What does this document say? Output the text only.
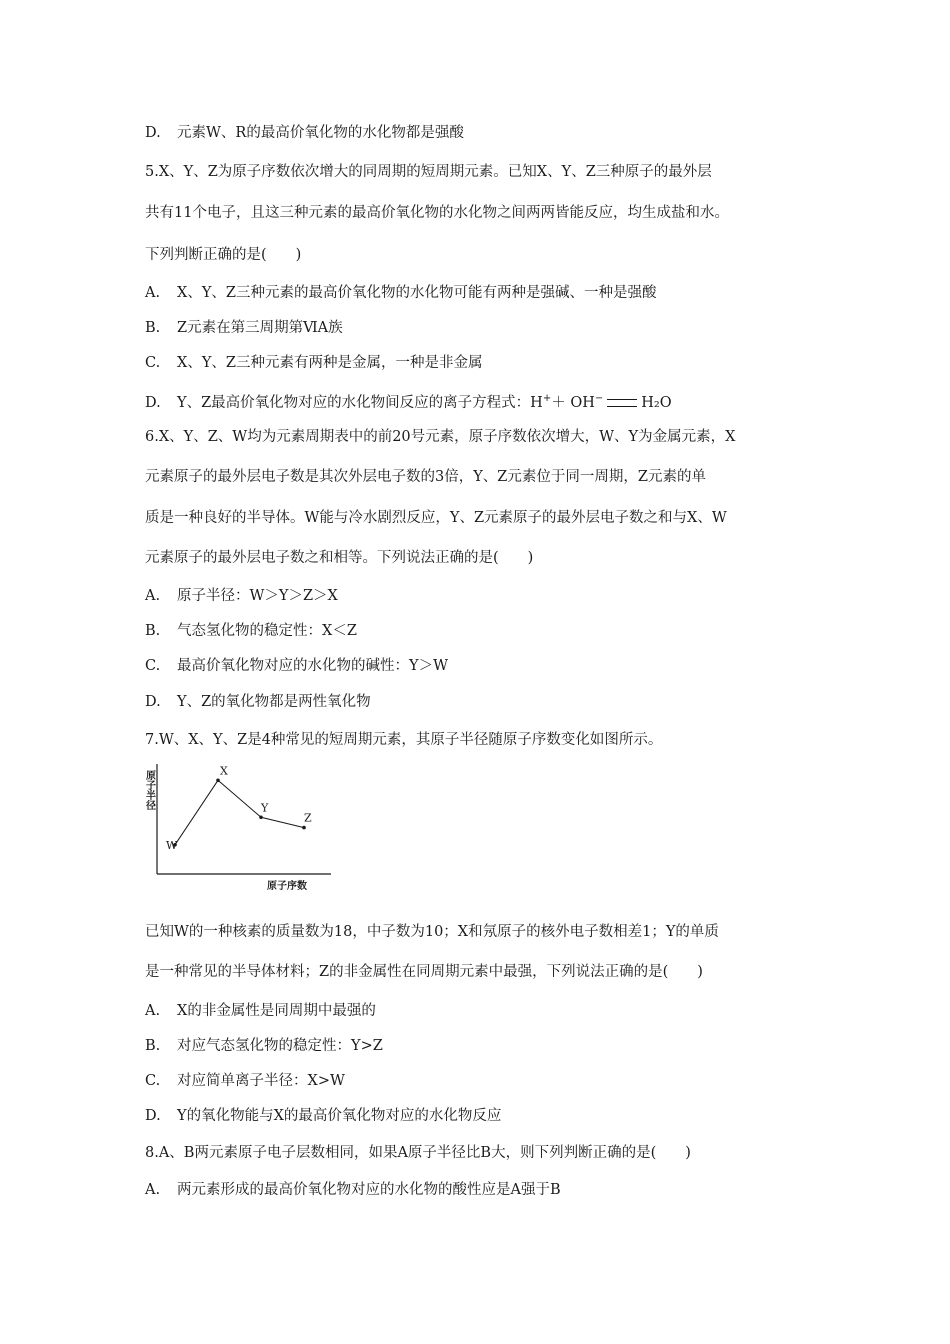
D. 元素W、R的最高价氧化物的水化物都是强酸
5.X、Y、Z为原子序数依次增大的同周期的短周期元素。已知X、Y、Z三种原子的最外层
共有11个电子，且这三种元素的最高价氧化物的水化物之间两两皆能反应，均生成盐和水。
下列判断正确的是(　　)
A. X、Y、Z三种元素的最高价氧化物的水化物可能有两种是强碱、一种是强酸
B. Z元素在第三周期第ⅥA族
C. X、Y、Z三种元素有两种是金属，一种是非金属
D. Y、Z最高价氧化物对应的水化物间反应的离子方程式：H+＋ OH−	H₂O
6.X、Y、Z、W均为元素周期表中的前20号元素，原子序数依次增大，W、Y为金属元素，X
元素原子的最外层电子数是其次外层电子数的3倍，Y、Z元素位于同一周期，Z元素的单
质是一种良好的半导体。W能与冷水剧烈反应，Y、Z元素原子的最外层电子数之和与X、W
元素原子的最外层电子数之和相等。下列说法正确的是(　　)
A. 原子半径：W＞Y＞Z＞X
B. 气态氢化物的稳定性：X＜Z
C. 最高价氧化物对应的水化物的碱性：Y＞W
D. Y、Z的氧化物都是两性氧化物
7.W、X、Y、Z是4种常见的短周期元素，其原子半径随原子序数变化如图所示。
W
X
Y
Z
原子半径
原子序数
已知W的一种核素的质量数为18，中子数为10；X和氖原子的核外电子数相差1；Y的单质
是一种常见的半导体材料；Z的非金属性在同周期元素中最强，下列说法正确的是(　　)
A. X的非金属性是同周期中最强的
B. 对应气态氢化物的稳定性：Y>Z
C. 对应简单离子半径：X>W
D. Y的氧化物能与X的最高价氧化物对应的水化物反应
8.A、B两元素原子电子层数相同，如果A原子半径比B大，则下列判断正确的是(　　)
A. 两元素形成的最高价氧化物对应的水化物的酸性应是A强于B
